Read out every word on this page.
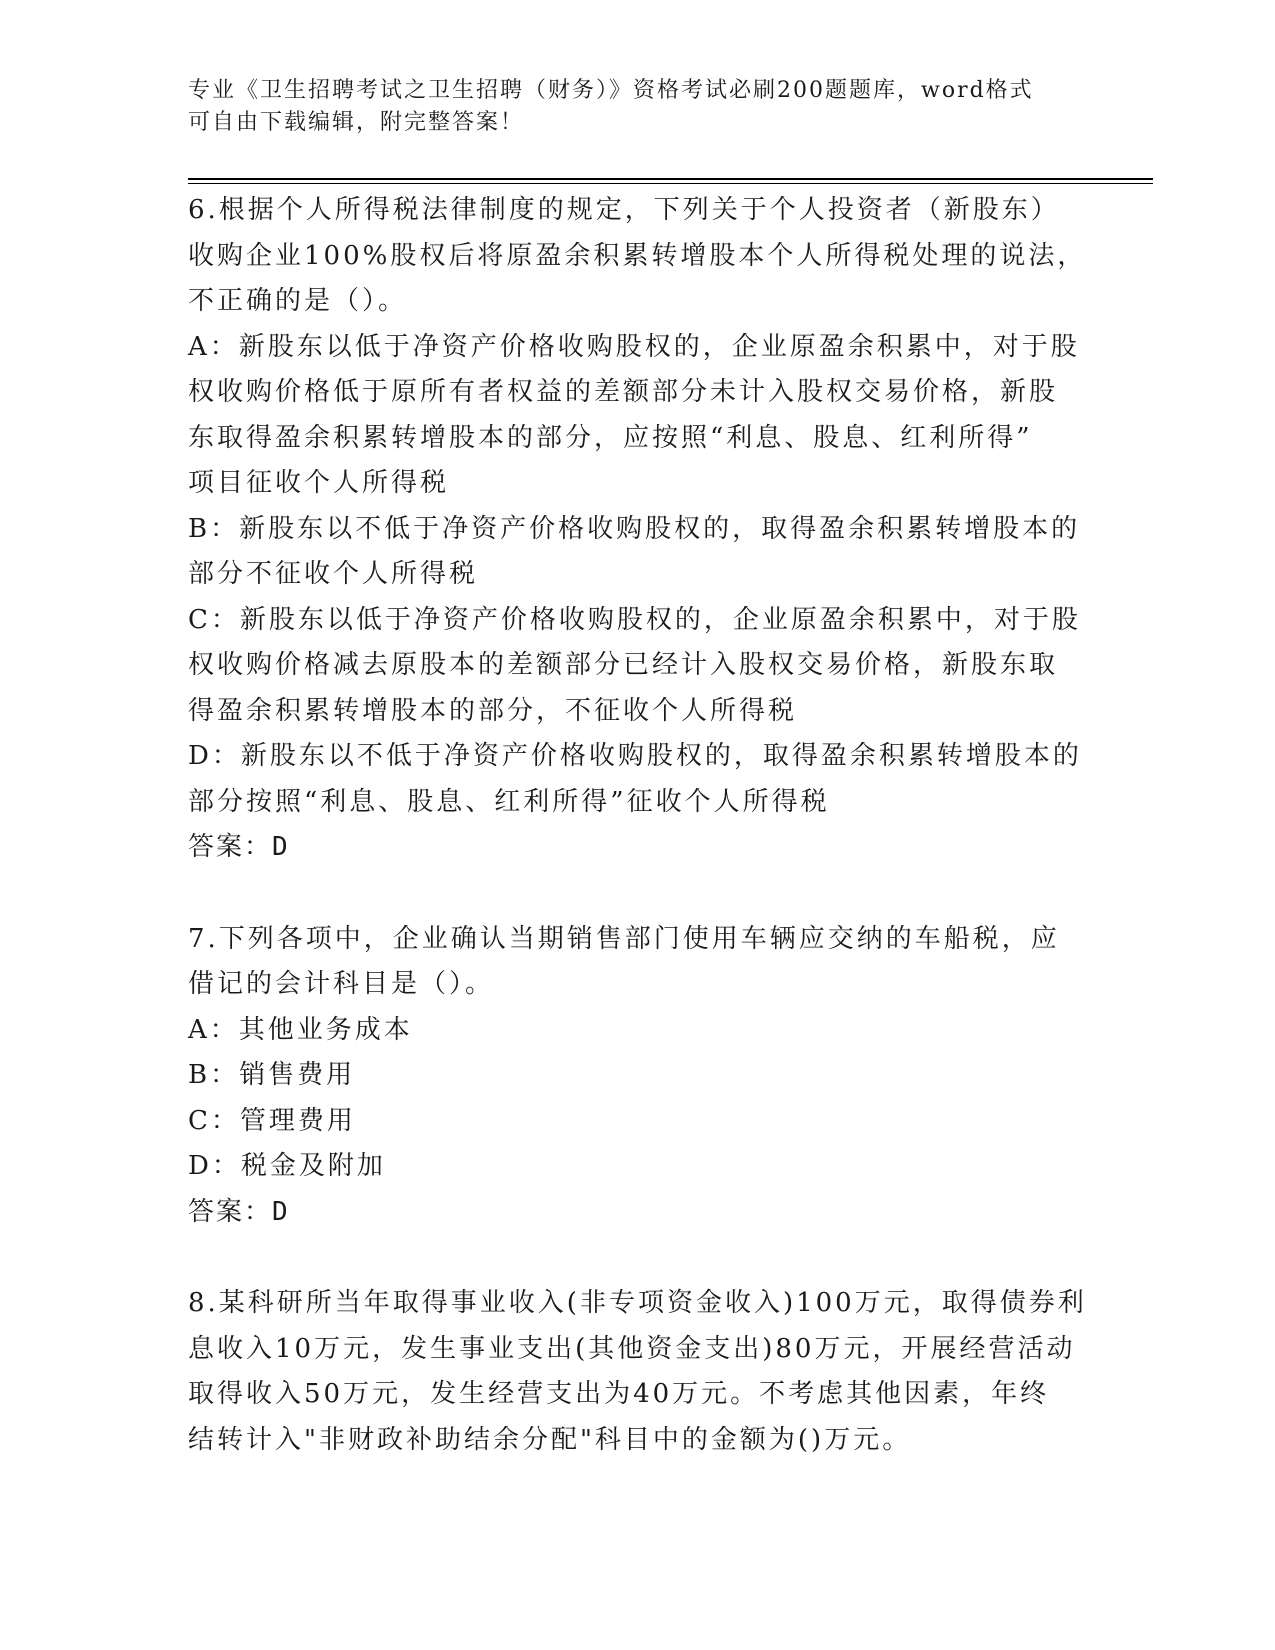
专业《卫生招聘考试之卫生招聘（财务）》资格考试必刷200题题库，word格式
可自由下载编辑，附完整答案！
6.根据个人所得税法律制度的规定，下列关于个人投资者（新股东）
收购企业100%股权后将原盈余积累转增股本个人所得税处理的说法，
不正确的是（）。
A：新股东以低于净资产价格收购股权的，企业原盈余积累中，对于股
权收购价格低于原所有者权益的差额部分未计入股权交易价格，新股
东取得盈余积累转增股本的部分，应按照“利息、股息、红利所得”
项目征收个人所得税
B：新股东以不低于净资产价格收购股权的，取得盈余积累转增股本的
部分不征收个人所得税
C：新股东以低于净资产价格收购股权的，企业原盈余积累中，对于股
权收购价格减去原股本的差额部分已经计入股权交易价格，新股东取
得盈余积累转增股本的部分，不征收个人所得税
D：新股东以不低于净资产价格收购股权的，取得盈余积累转增股本的
部分按照“利息、股息、红利所得”征收个人所得税
答案：D
7.下列各项中，企业确认当期销售部门使用车辆应交纳的车船税，应
借记的会计科目是（）。
A：其他业务成本
B：销售费用
C：管理费用
D：税金及附加
答案：D
8.某科研所当年取得事业收入(非专项资金收入)100万元，取得债券利
息收入10万元，发生事业支出(其他资金支出)80万元，开展经营活动
取得收入50万元，发生经营支出为40万元。不考虑其他因素，年终
结转计入"非财政补助结余分配"科目中的金额为()万元。
